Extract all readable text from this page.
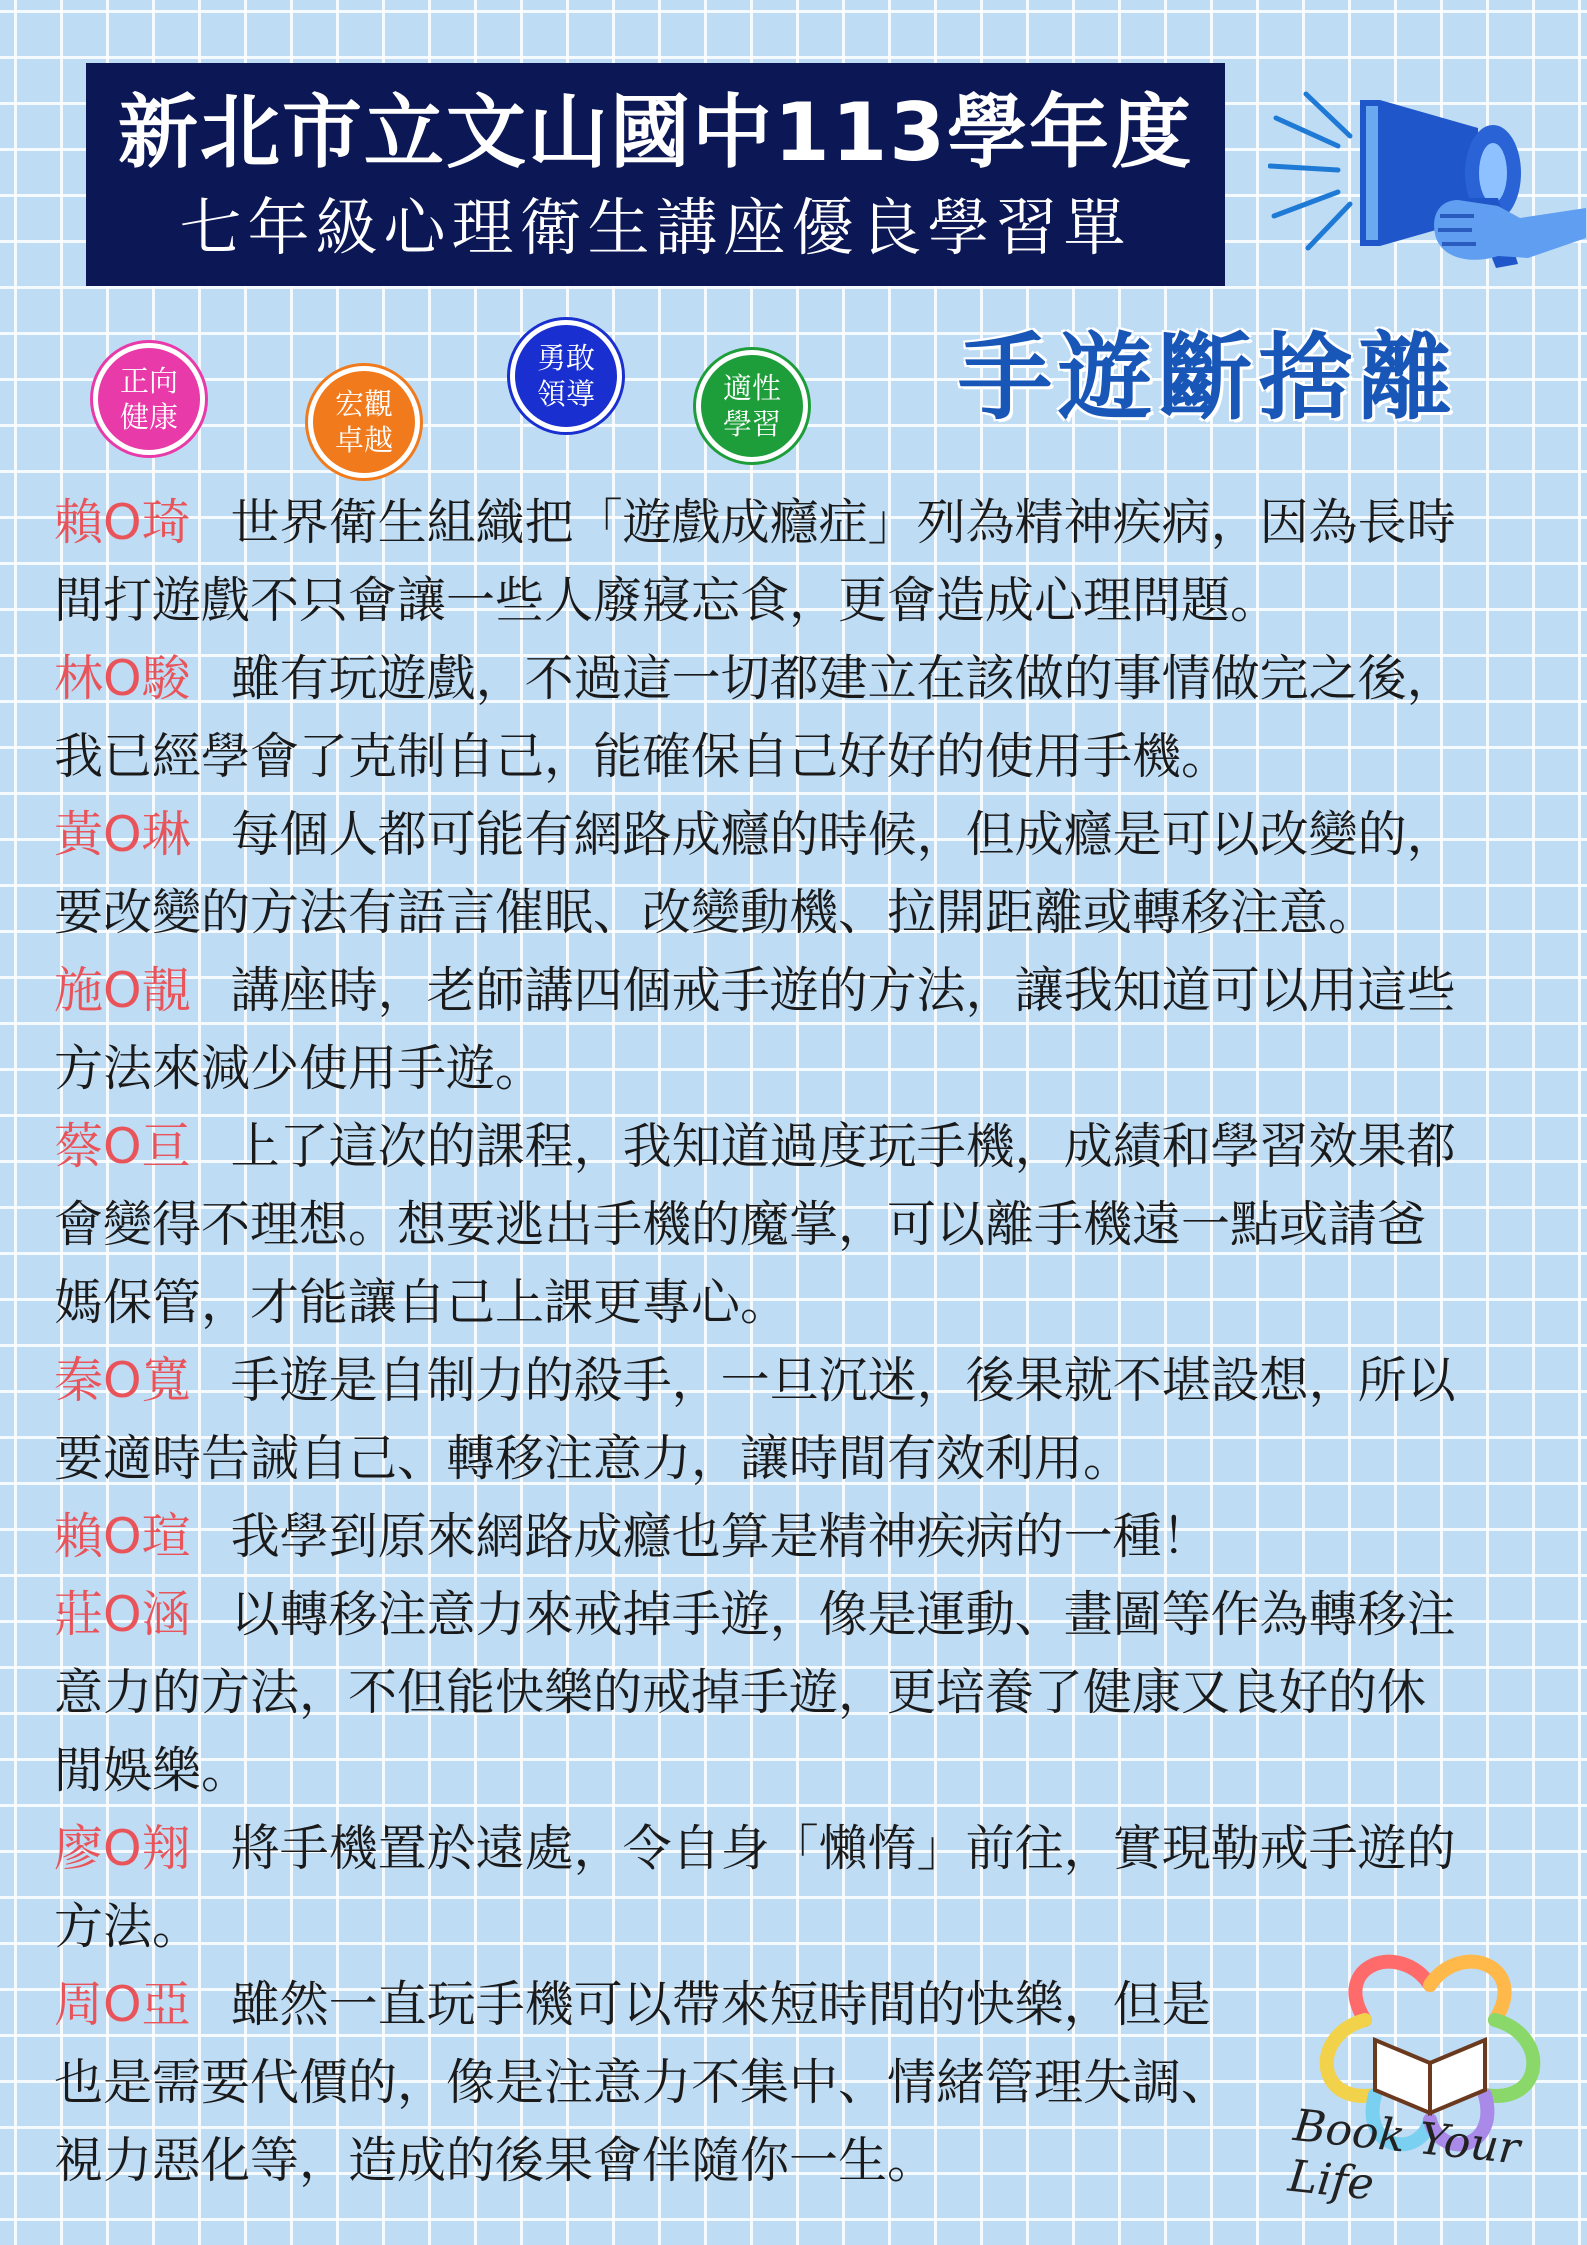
新北市立文山國中113學年度
七年級心理衛生講座優良學習單
正向
健康	宏觀
卓越
勇敢
領導	適性
學習 手遊斷捨離

賴O琦 世界衛生組織把「遊戲成癮症」列為精神疾病，因為長時
間打遊戲不只會讓一些人廢寢忘食，更會造成心理問題。

林O駿 雖有玩遊戲，不過這一切都建立在該做的事情做完之後，
我已經學會了克制自己，能確保自己好好的使用手機。

黃O琳 每個人都可能有網路成癮的時候，但成癮是可以改變的，
要改變的方法有語言催眠、改變動機、拉開距離或轉移注意。

施O靚 講座時，老師講四個戒手遊的方法，讓我知道可以用這些
方法來減少使用手遊。

蔡O亘 上了這次的課程，我知道過度玩手機，成績和學習效果都
會變得不理想。想要逃出手機的魔掌，可以離手機遠一點或請爸
媽保管，才能讓自己上課更專心。

秦O寬 手遊是自制力的殺手，一旦沉迷，後果就不堪設想，所以
要適時告誡自己、轉移注意力，讓時間有效利用。

賴O瑄 我學到原來網路成癮也算是精神疾病的一種！

莊O涵 以轉移注意力來戒掉手遊，像是運動、畫圖等作為轉移注
意力的方法，不但能快樂的戒掉手遊，更培養了健康又良好的休
閒娛樂。

廖O翔 將手機置於遠處，令自身「懶惰」前往，實現勒戒手遊的
方法。

周O亞 雖然一直玩手機可以帶來短時間的快樂，但是
也是需要代價的，像是注意力不集中、情緒管理失調、
視力惡化等，造成的後果會伴隨你一生。	Book Your Life
